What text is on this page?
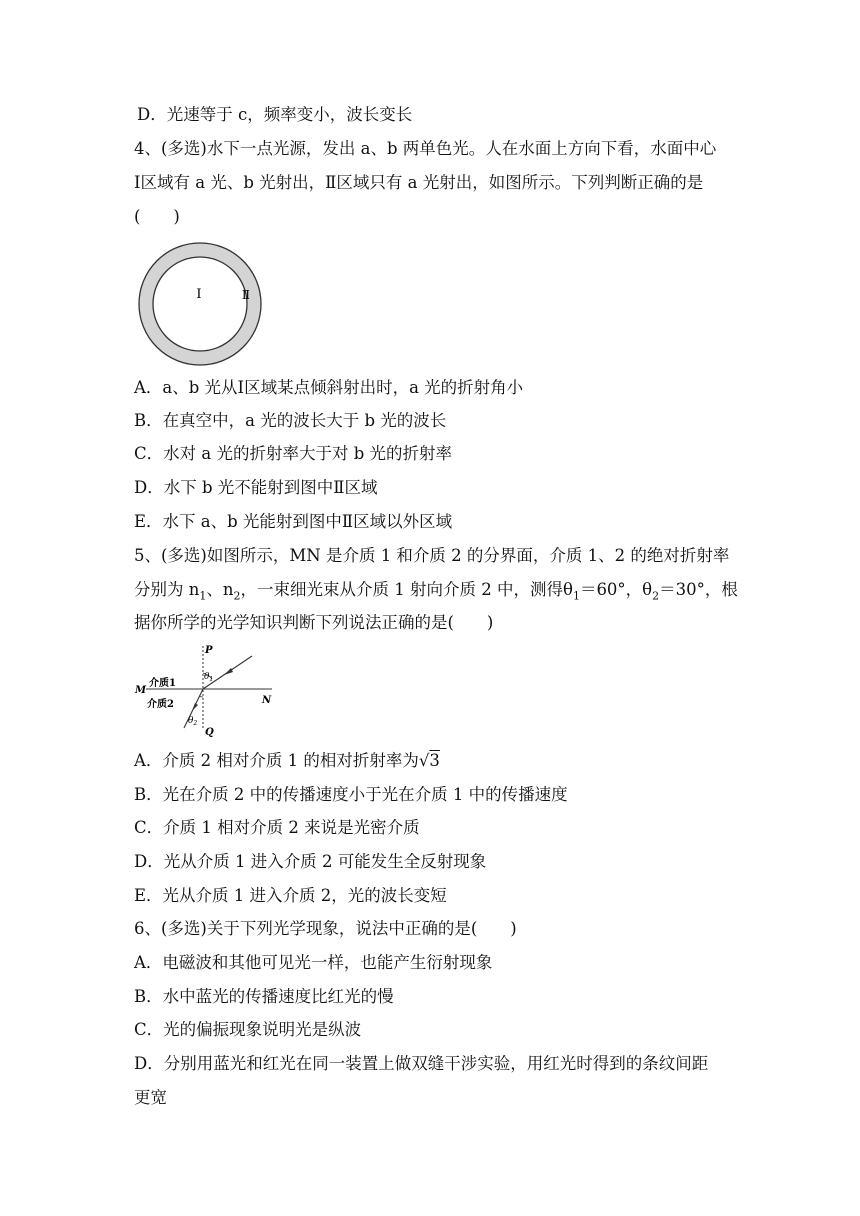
D．光速等于 c，频率变小，波长变长
4、(多选)水下一点光源，发出 a、b 两单色光。人在水面上方向下看，水面中心
Ⅰ区域有 a 光、b 光射出，Ⅱ区域只有 a 光射出，如图所示。下列判断正确的是
(　　)
Ⅰ	Ⅱ
A．a、b 光从Ⅰ区域某点倾斜射出时，a 光的折射角小
B．在真空中，a 光的波长大于 b 光的波长
C．水对 a 光的折射率大于对 b 光的折射率
D．水下 b 光不能射到图中Ⅱ区域
E．水下 a、b 光能射到图中Ⅱ区域以外区域
5、(多选)如图所示，MN 是介质 1 和介质 2 的分界面，介质 1、2 的绝对折射率
分别为 $n_1$、$n_2$，一束细光束从介质 1 射向介质 2 中，测得$\theta_1=60^\circ$，$\theta_2=30^\circ$，根
据你所学的光学知识判断下列说法正确的是(　　)
P
Q
M
N
介质1
介质2
$\theta_1$
$\theta_2$
A．介质 2 相对介质 1 的相对折射率为√3
B．光在介质 2 中的传播速度小于光在介质 1 中的传播速度
C．介质 1 相对介质 2 来说是光密介质
D．光从介质 1 进入介质 2 可能发生全反射现象
E．光从介质 1 进入介质 2，光的波长变短
6、(多选)关于下列光学现象，说法中正确的是(　　)
A．电磁波和其他可见光一样，也能产生衍射现象
B．水中蓝光的传播速度比红光的慢
C．光的偏振现象说明光是纵波
D．分别用蓝光和红光在同一装置上做双缝干涉实验，用红光时得到的条纹间距
更宽
